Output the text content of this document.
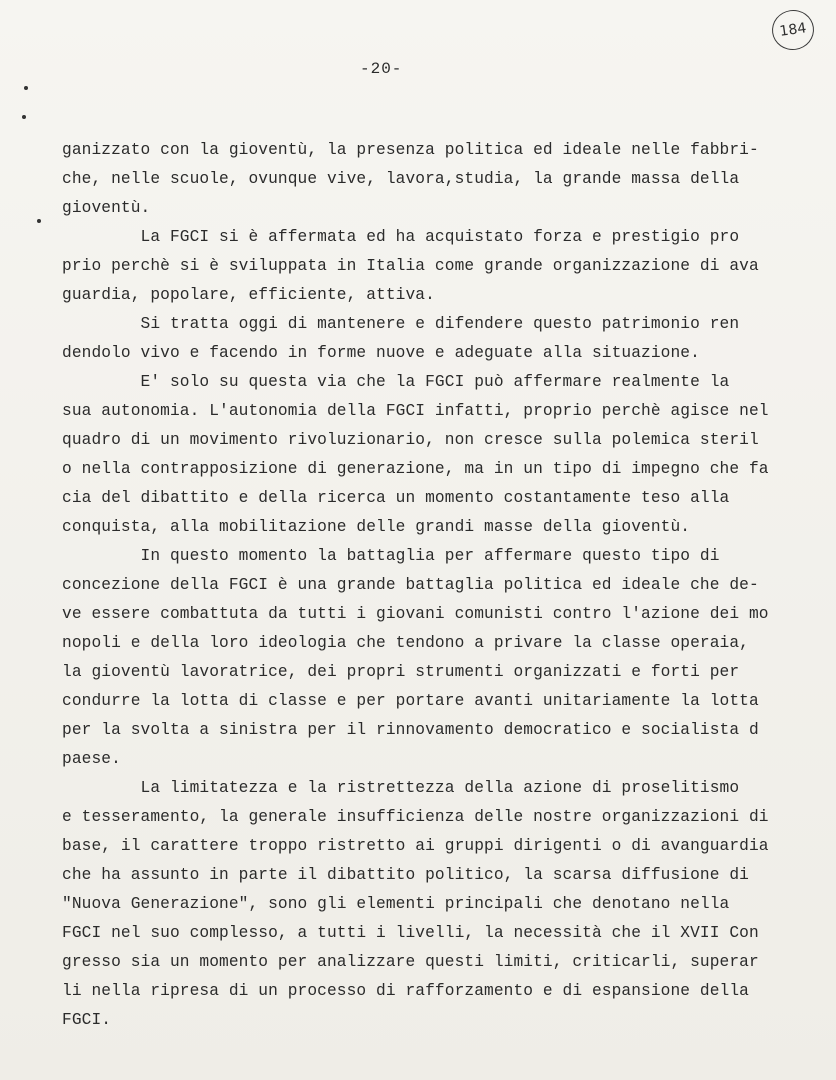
184
-20-
ganizzato con la gioventù, la presenza politica ed ideale nelle fabbri-
che, nelle scuole, ovunque vive, lavora,studia, la grande massa della
gioventù.
La FGCI si è affermata ed ha acquistato forza e prestigio pro
prio perchè si è sviluppata in Italia come grande organizzazione di ava
guardia, popolare, efficiente, attiva.
Si tratta oggi di mantenere e difendere questo patrimonio ren
dendolo vivo e facendo in forme nuove e adeguate alla situazione.
E' solo su questa via che la FGCI può affermare realmente la
sua autonomia. L'autonomia della FGCI infatti, proprio perchè agisce nel
quadro di un movimento rivoluzionario, non cresce sulla polemica steril
o nella contrapposizione di generazione, ma in un tipo di impegno che fa
cia del dibattito e della ricerca un momento costantamente teso alla
conquista, alla mobilitazione delle grandi masse della gioventù.
In questo momento la battaglia per affermare questo tipo di
concezione della FGCI è una grande battaglia politica ed ideale che de-
ve essere combattuta da tutti i giovani comunisti contro l'azione dei mo
nopoli e della loro ideologia che tendono a privare la classe operaia,
la gioventù lavoratrice, dei propri strumenti organizzati e forti per
condurre la lotta di classe e per portare avanti unitariamente la lotta
per la svolta a sinistra per il rinnovamento democratico e socialista d
paese.
La limitatezza e la ristrettezza della azione di proselitismo
e tesseramento, la generale insufficienza delle nostre organizzazioni di
base, il carattere troppo ristretto ai gruppi dirigenti o di avanguardia
che ha assunto in parte il dibattito politico, la scarsa diffusione di
"Nuova Generazione", sono gli elementi principali che denotano nella
FGCI nel suo complesso, a tutti i livelli, la necessità che il XVII Con
gresso sia un momento per analizzare questi limiti, criticarli, superar
li nella ripresa di un processo di rafforzamento e di espansione della
FGCI.
